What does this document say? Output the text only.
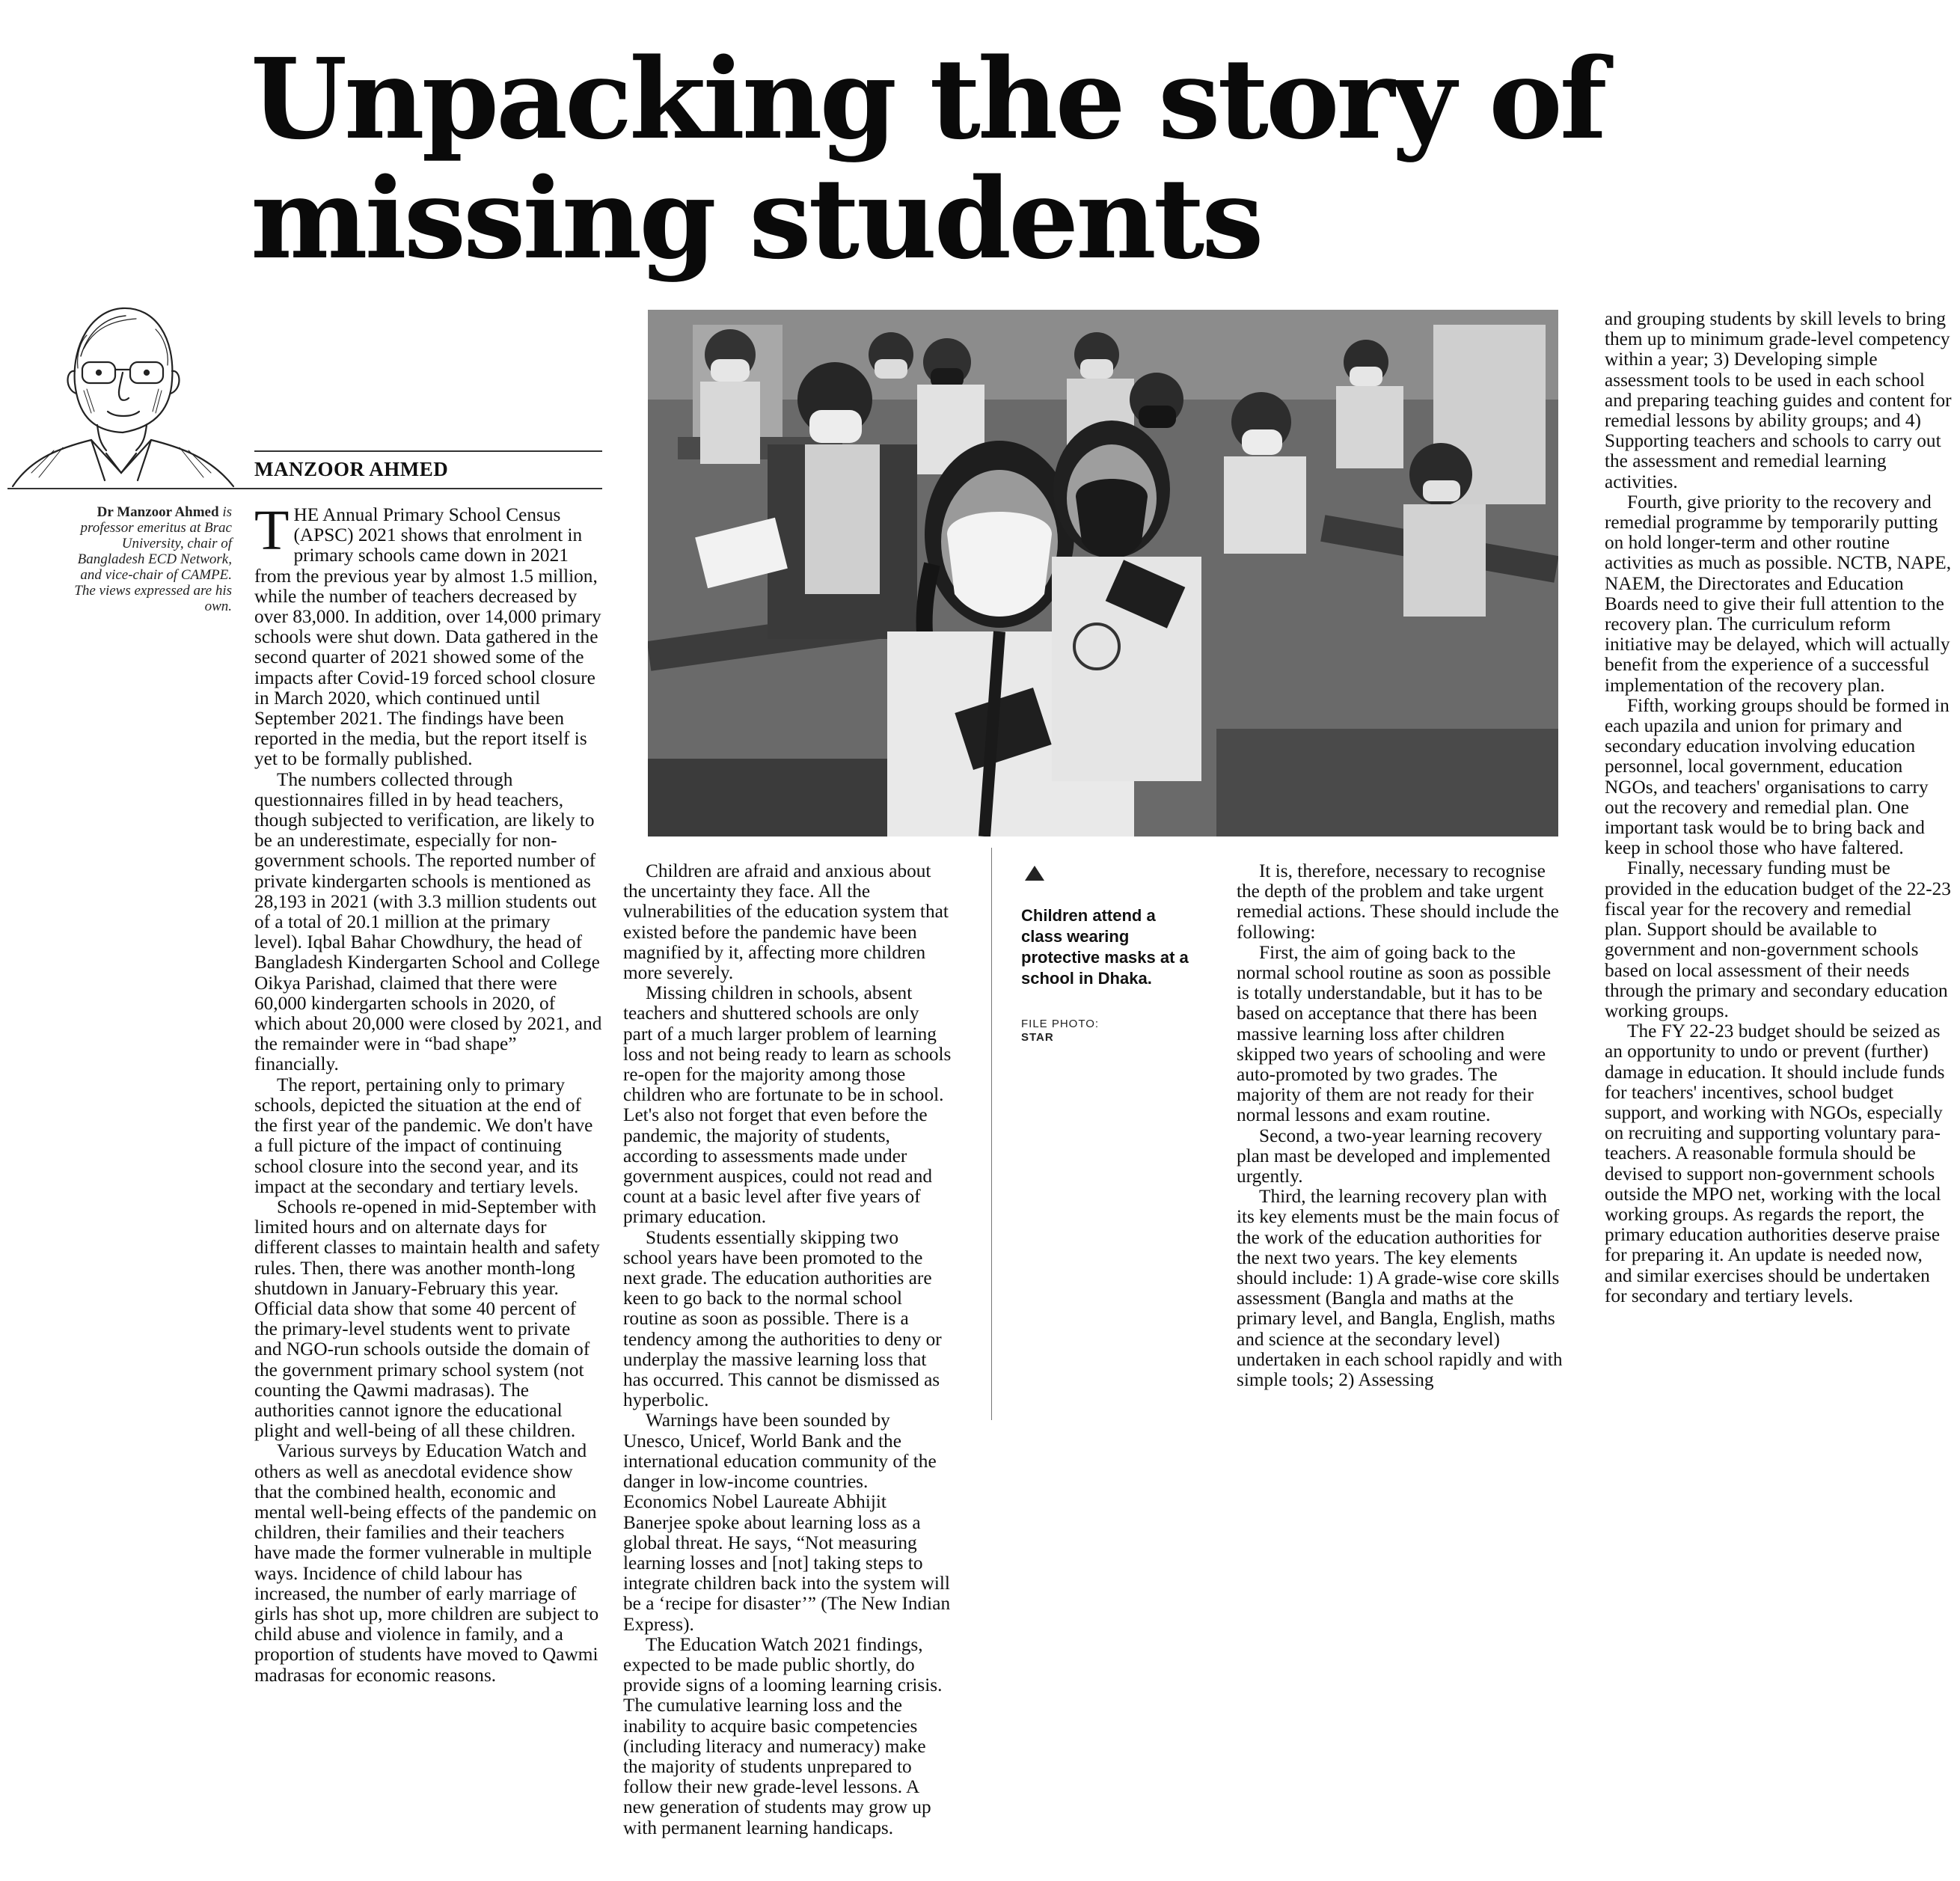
Unpacking the story of
missing students
MANZOOR AHMED
Dr Manzoor Ahmed is professor emeritus at Brac University, chair of Bangladesh ECD Network, and vice-chair of CAMPE. The views expressed are his own.
Children attend a class wearing protective masks at a school in Dhaka.
FILE PHOTO:
STAR

THE Annual Primary School Census (APSC) 2021 shows that enrolment in primary schools came down in 2021 from the previous year by almost 1.5 million, while the number of teachers decreased by over 83,000. In addition, over 14,000 primary schools were shut down. Data gathered in the second quarter of 2021 showed some of the impacts after Covid-19 forced school closure in March 2020, which continued until September 2021. The findings have been reported in the media, but the report itself is yet to be formally published.

The numbers collected through questionnaires filled in by head teachers, though subjected to verification, are likely to be an underestimate, especially for non-government schools. The reported number of private kindergarten schools is mentioned as 28,193 in 2021 (with 3.3 million students out of a total of 20.1 million at the primary level). Iqbal Bahar Chowdhury, the head of Bangladesh Kindergarten School and College Oikya Parishad, claimed that there were 60,000 kindergarten schools in 2020, of which about 20,000 were closed by 2021, and the remainder were in “bad shape” financially.

The report, pertaining only to primary schools, depicted the situation at the end of the first year of the pandemic. We don't have a full picture of the impact of continuing school closure into the second year, and its impact at the secondary and tertiary levels.

Schools re-opened in mid-September with limited hours and on alternate days for different classes to maintain health and safety rules. Then, there was another month-long shutdown in January-February this year. Official data show that some 40 percent of the primary-level students went to private and NGO-run schools outside the domain of the government primary school system (not counting the Qawmi madrasas). The authorities cannot ignore the educational plight and well-being of all these children.

Various surveys by Education Watch and others as well as anecdotal evidence show that the combined health, economic and mental well-being effects of the pandemic on children, their families and their teachers have made the former vulnerable in multiple ways. Incidence of child labour has increased, the number of early marriage of girls has shot up, more children are subject to child abuse and violence in family, and a proportion of students have moved to Qawmi madrasas for economic reasons.

Children are afraid and anxious about the uncertainty they face. All the vulnerabilities of the education system that existed before the pandemic have been magnified by it, affecting more children more severely.

Missing children in schools, absent teachers and shuttered schools are only part of a much larger problem of learning loss and not being ready to learn as schools re-open for the majority among those children who are fortunate to be in school. Let's also not forget that even before the pandemic, the majority of students, according to assessments made under government auspices, could not read and count at a basic level after five years of primary education.

Students essentially skipping two school years have been promoted to the next grade. The education authorities are keen to go back to the normal school routine as soon as possible. There is a tendency among the authorities to deny or underplay the massive learning loss that has occurred. This cannot be dismissed as hyperbolic.

Warnings have been sounded by Unesco, Unicef, World Bank and the international education community of the danger in low-income countries. Economics Nobel Laureate Abhijit Banerjee spoke about learning loss as a global threat. He says, “Not measuring learning losses and [not] taking steps to integrate children back into the system will be a ‘recipe for disaster’” (The New Indian Express).

The Education Watch 2021 findings, expected to be made public shortly, do provide signs of a looming learning crisis. The cumulative learning loss and the inability to acquire basic competencies (including literacy and numeracy) make the majority of students unprepared to follow their new grade-level lessons. A new generation of students may grow up with permanent learning handicaps.

It is, therefore, necessary to recognise the depth of the problem and take urgent remedial actions. These should include the following:

First, the aim of going back to the normal school routine as soon as possible is totally understandable, but it has to be based on acceptance that there has been massive learning loss after children skipped two years of schooling and were auto-promoted by two grades. The majority of them are not ready for their normal lessons and exam routine.

Second, a two-year learning recovery plan mast be developed and implemented urgently.

Third, the learning recovery plan with its key elements must be the main focus of the work of the education authorities for the next two years. The key elements should include: 1) A grade-wise core skills assessment (Bangla and maths at the primary level, and Bangla, English, maths and science at the secondary level) undertaken in each school rapidly and with simple tools; 2) Assessing

and grouping students by skill levels to bring them up to minimum grade-level competency within a year; 3) Developing simple assessment tools to be used in each school and preparing teaching guides and content for remedial lessons by ability groups; and 4) Supporting teachers and schools to carry out the assessment and remedial learning activities.

Fourth, give priority to the recovery and remedial programme by temporarily putting on hold longer-term and other routine activities as much as possible. NCTB, NAPE, NAEM, the Directorates and Education Boards need to give their full attention to the recovery plan. The curriculum reform initiative may be delayed, which will actually benefit from the experience of a successful implementation of the recovery plan.

Fifth, working groups should be formed in each upazila and union for primary and secondary education involving education personnel, local government, education NGOs, and teachers' organisations to carry out the recovery and remedial plan. One important task would be to bring back and keep in school those who have faltered.

Finally, necessary funding must be provided in the education budget of the 22-23 fiscal year for the recovery and remedial plan. Support should be available to government and non-government schools based on local assessment of their needs through the primary and secondary education working groups.

The FY 22-23 budget should be seized as an opportunity to undo or prevent (further) damage in education. It should include funds for teachers' incentives, school budget support, and working with NGOs, especially on recruiting and supporting voluntary para- teachers. A reasonable formula should be devised to support non-government schools outside the MPO net, working with the local working groups. As regards the report, the primary education authorities deserve praise for preparing it. An update is needed now, and similar exercises should be undertaken for secondary and tertiary levels.
